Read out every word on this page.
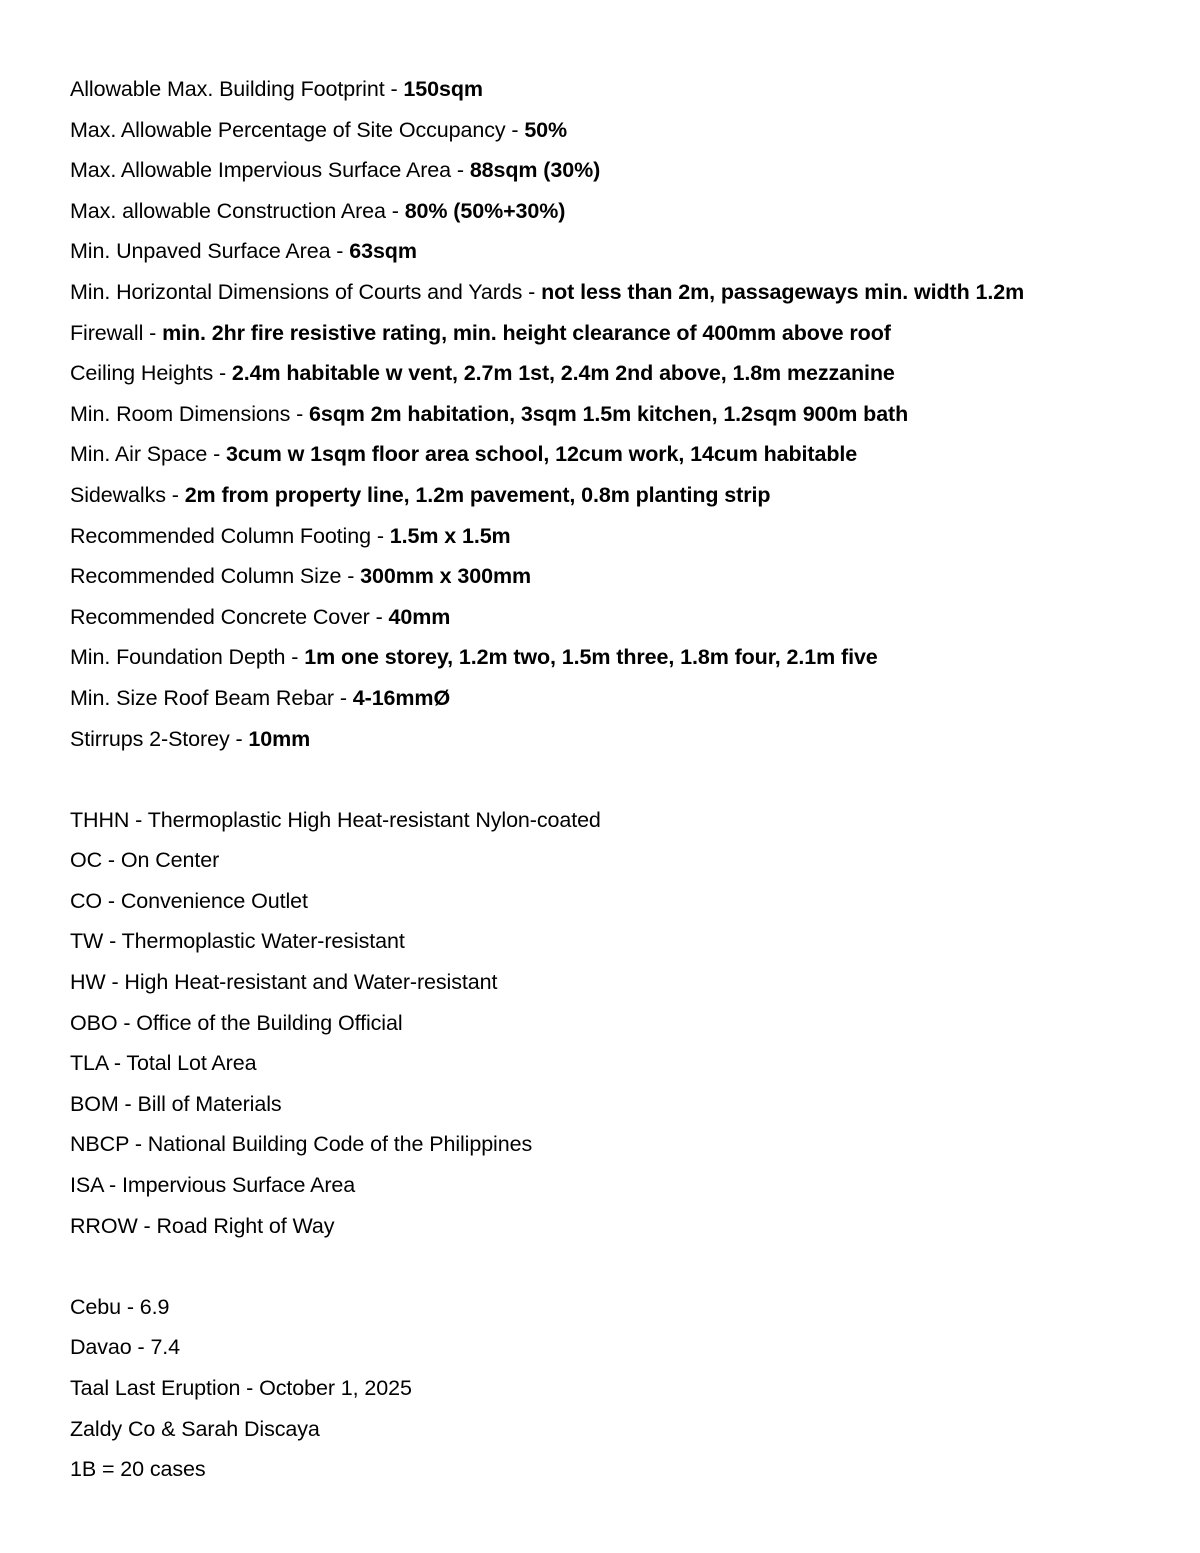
Allowable Max. Building Footprint - 150sqm
Max. Allowable Percentage of Site Occupancy - 50%
Max. Allowable Impervious Surface Area - 88sqm (30%)
Max. allowable Construction Area - 80% (50%+30%)
Min. Unpaved Surface Area - 63sqm
Min. Horizontal Dimensions of Courts and Yards - not less than 2m, passageways min. width 1.2m
Firewall - min. 2hr fire resistive rating, min. height clearance of 400mm above roof
Ceiling Heights - 2.4m habitable w vent, 2.7m 1st, 2.4m 2nd above, 1.8m mezzanine
Min. Room Dimensions - 6sqm 2m habitation, 3sqm 1.5m kitchen, 1.2sqm 900m bath
Min. Air Space - 3cum w 1sqm floor area school, 12cum work, 14cum habitable
Sidewalks - 2m from property line, 1.2m pavement, 0.8m planting strip
Recommended Column Footing - 1.5m x 1.5m
Recommended Column Size - 300mm x 300mm
Recommended Concrete Cover - 40mm
Min. Foundation Depth - 1m one storey, 1.2m two, 1.5m three, 1.8m four, 2.1m five
Min. Size Roof Beam Rebar - 4-16mmØ
Stirrups 2-Storey - 10mm
THHN - Thermoplastic High Heat-resistant Nylon-coated
OC - On Center
CO - Convenience Outlet
TW - Thermoplastic Water-resistant
HW - High Heat-resistant and Water-resistant
OBO - Office of the Building Official
TLA - Total Lot Area
BOM - Bill of Materials
NBCP - National Building Code of the Philippines
ISA - Impervious Surface Area
RROW - Road Right of Way
Cebu - 6.9
Davao - 7.4
Taal Last Eruption - October 1, 2025
Zaldy Co & Sarah Discaya
1B = 20 cases
